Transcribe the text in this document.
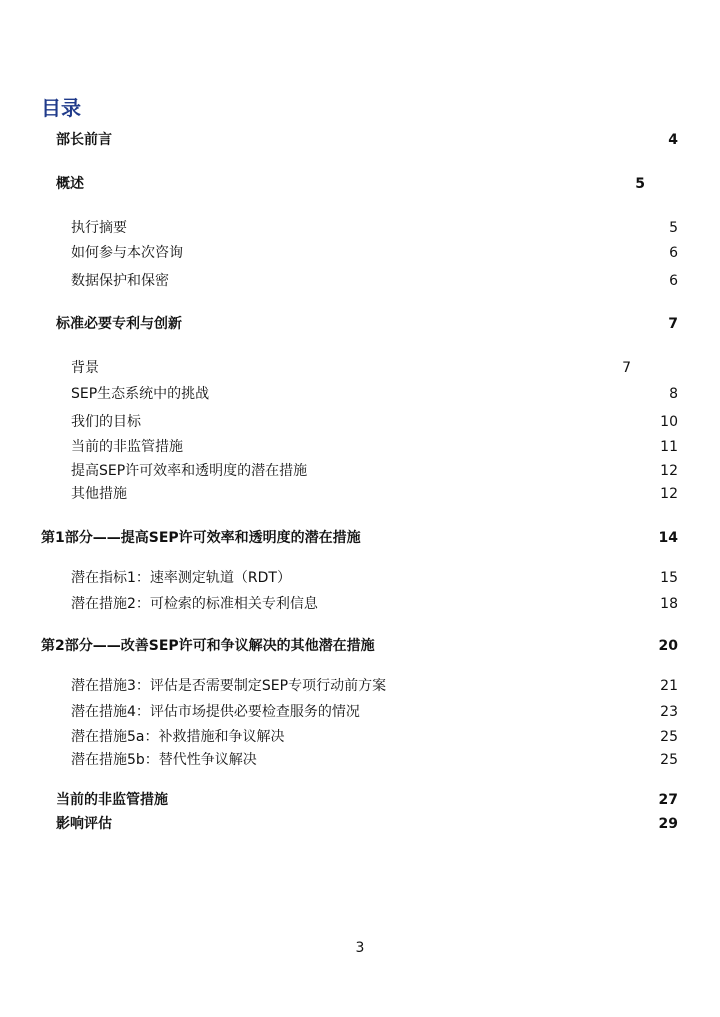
目录
部长前言	4
概述	5
执行摘要	5
如何参与本次咨询	6
数据保护和保密	6
标准必要专利与创新	7
背景	7
SEP生态系统中的挑战	8
我们的目标	10
当前的非监管措施	11
提高SEP许可效率和透明度的潜在措施	12
其他措施	12
第1部分——提高SEP许可效率和透明度的潜在措施	14
潜在指标1：速率测定轨道（RDT）	15
潜在措施2：可检索的标准相关专利信息	18
第2部分——改善SEP许可和争议解决的其他潜在措施	20
潜在措施3：评估是否需要制定SEP专项行动前方案	21
潜在措施4：评估市场提供必要检查服务的情况	23
潜在措施5a：补救措施和争议解决	25
潜在措施5b：替代性争议解决	25
当前的非监管措施	27
影响评估	29
3
